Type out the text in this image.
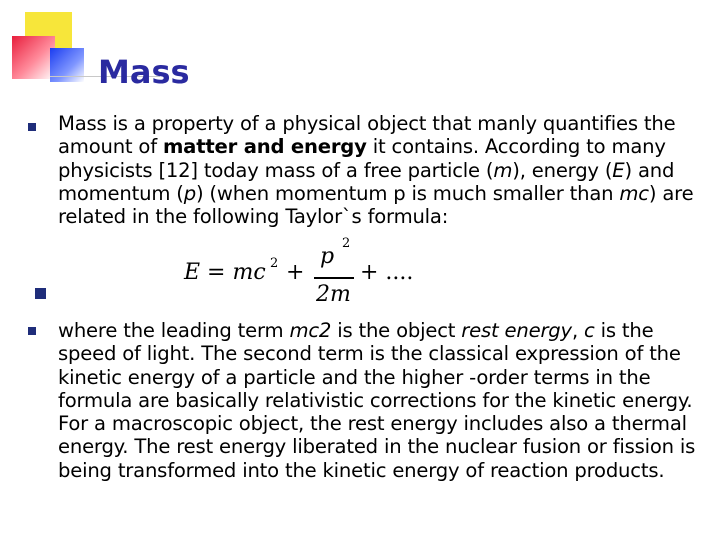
Mass

Mass is a property of a physical object that manly quantifies the amount of matter and energy it contains. According to many physicists [12] today mass of a free particle (m), energy (E) and momentum (p) (when momentum p is much smaller than mc) are related in the following Taylor`s formula:

E = mc 2 +
p
2
2m
+ ....

where the leading term mc2 is the object rest energy, c is the speed of light. The second term is the classical expression of the kinetic energy of a particle and the higher -order terms in the formula are basically relativistic corrections for the kinetic energy. For a macroscopic object, the rest energy includes also a thermal energy. The rest energy liberated in the nuclear fusion or fission is being transformed into the kinetic energy of reaction products.
